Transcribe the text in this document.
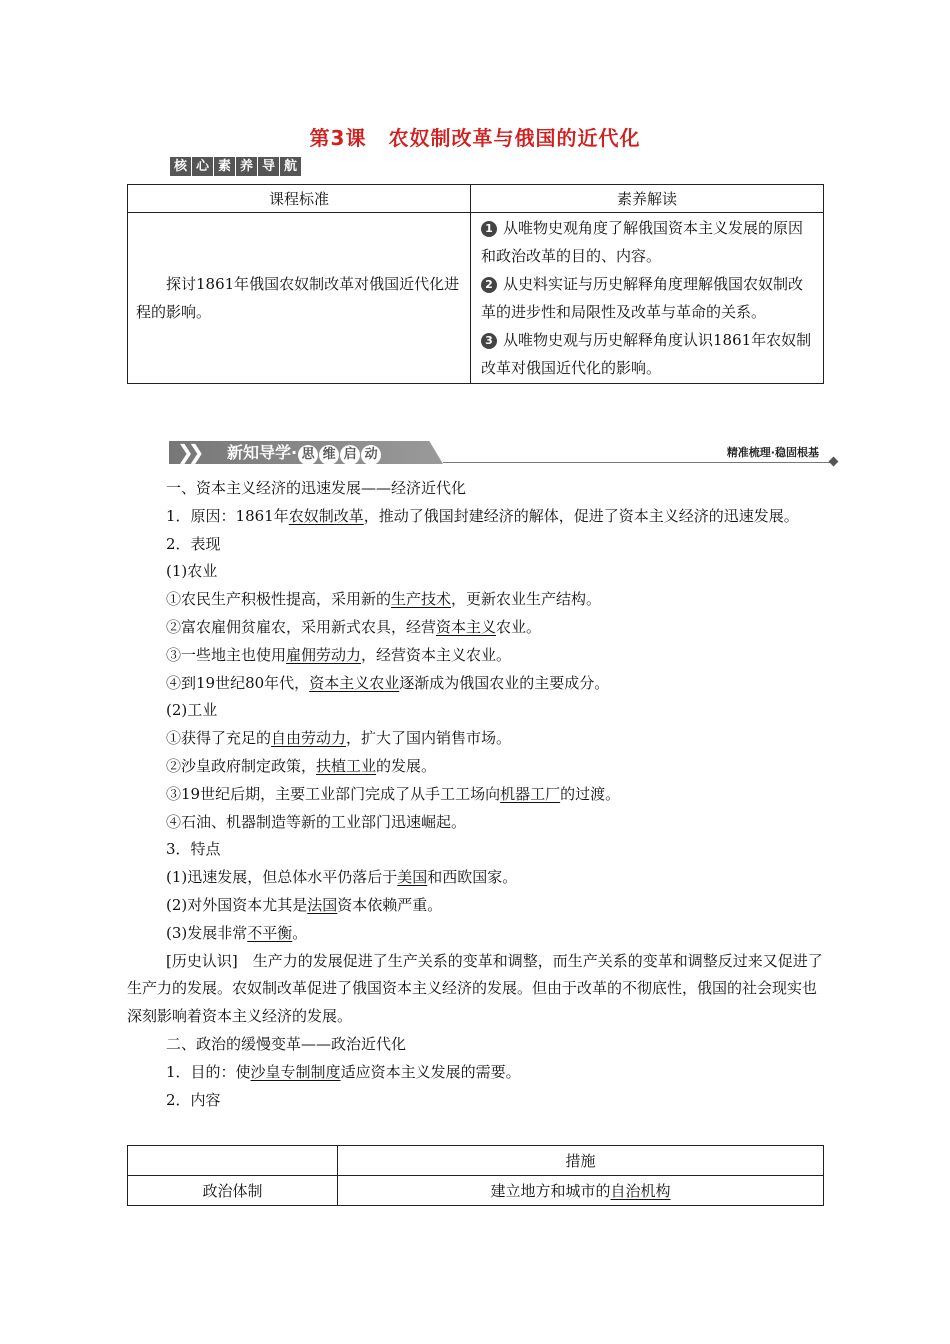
第3课 农奴制改革与俄国的近代化
核 心 素 养 导 航
课程标准	素养解读

探讨1861年俄国农奴制改革对俄国近代化进程的影响。	1 从唯物史观角度了解俄国资本主义发展的原因和政治改革的目的、内容。

2 从史料实证与历史解释角度理解俄国农奴制改革的进步性和局限性及改革与革命的关系。

3 从唯物史观与历史解释角度认识1861年农奴制改革对俄国近代化的影响。

❯❯ 新知导学· 思 维 启 动	精准梳理·稳固根基

一、资本主义经济的迅速发展——经济近代化

1．原因：1861年农奴制改革，推动了俄国封建经济的解体，促进了资本主义经济的迅速发展。

2．表现

(1)农业

①农民生产积极性提高，采用新的生产技术，更新农业生产结构。

②富农雇佣贫雇农，采用新式农具，经营资本主义农业。

③一些地主也使用雇佣劳动力，经营资本主义农业。

④到19世纪80年代，资本主义农业逐渐成为俄国农业的主要成分。

(2)工业

①获得了充足的自由劳动力，扩大了国内销售市场。

②沙皇政府制定政策，扶植工业的发展。

③19世纪后期，主要工业部门完成了从手工工场向机器工厂的过渡。

④石油、机器制造等新的工业部门迅速崛起。

3．特点

(1)迅速发展，但总体水平仍落后于美国和西欧国家。

(2)对外国资本尤其是法国资本依赖严重。

(3)发展非常不平衡。

[历史认识]　生产力的发展促进了生产关系的变革和调整，而生产关系的变革和调整反过来又促进了生产力的发展。农奴制改革促进了俄国资本主义经济的发展。但由于改革的不彻底性，俄国的社会现实也深刻影响着资本主义经济的发展。

二、政治的缓慢变革——政治近代化

1．目的：使沙皇专制制度适应资本主义发展的需要。

2．内容

	措施
政治体制	建立地方和城市的自治机构
